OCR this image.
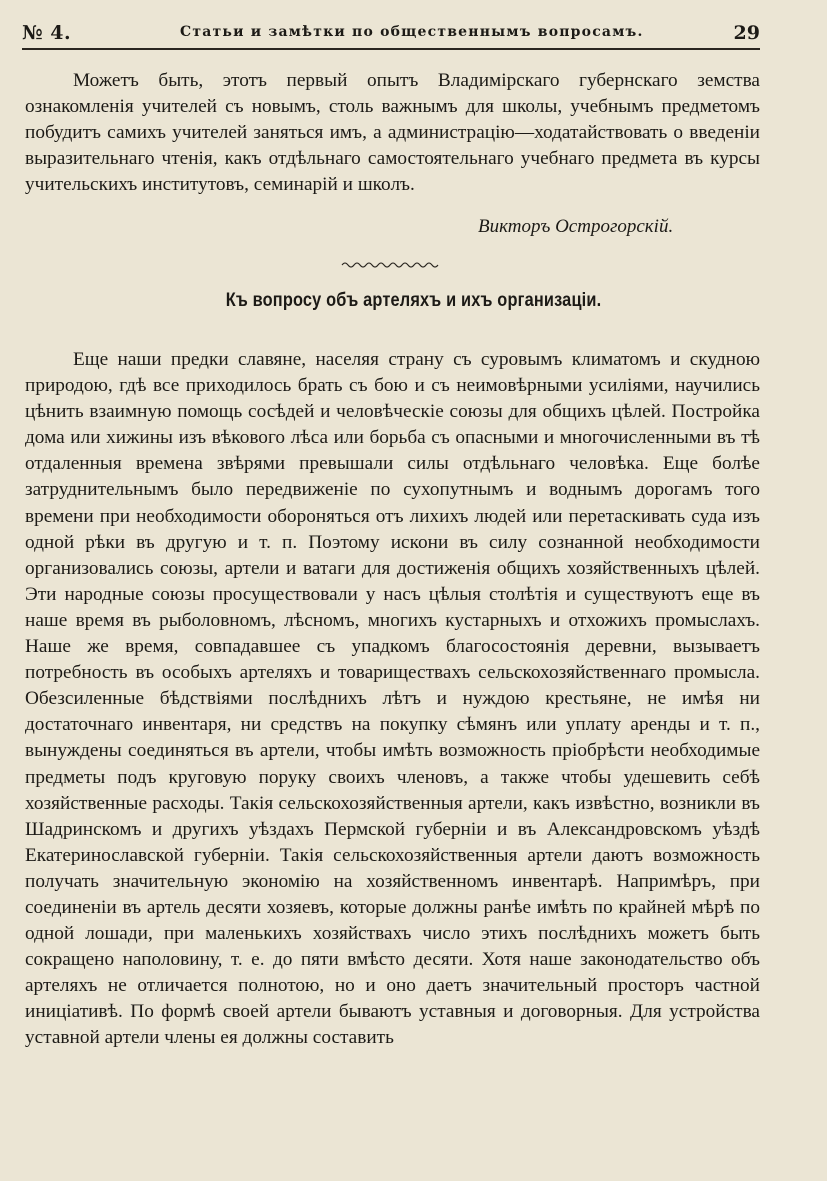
№ 4.	Статьи и замѣтки по общественнымъ вопросамъ.	29

Можетъ быть, этотъ первый опытъ Владимірскаго губернскаго земства ознакомленія учителей съ новымъ, столь важнымъ для школы, учебнымъ предметомъ побудитъ самихъ учителей заняться имъ, а администрацію—ходатайствовать о введеніи выразительнаго чтенія, какъ отдѣльнаго самостоятельнаго учебнаго предмета въ курсы учительскихъ институтовъ, семинарій и школъ.

Викторъ Острогорскій.
Къ вопросу объ артеляхъ и ихъ организаціи.

Еще наши предки славяне, населяя страну съ суровымъ климатомъ и скудною природою, гдѣ все приходилось брать съ бою и съ неимовѣрными усиліями, научились цѣнить взаимную помощь сосѣдей и человѣческіе союзы для общихъ цѣлей. Постройка дома или хижины изъ вѣкового лѣса или борьба съ опасными и многочисленными въ тѣ отдаленныя времена звѣрями превышали силы отдѣльнаго человѣка. Еще болѣе затруднительнымъ было передвиженіе по сухопутнымъ и воднымъ дорогамъ того времени при необходимости обороняться отъ лихихъ людей или перетаскивать суда изъ одной рѣки въ другую и т. п. Поэтому искони въ силу сознанной необходимости организовались союзы, артели и ватаги для достиженія общихъ хозяйственныхъ цѣлей. Эти народные союзы просуществовали у насъ цѣлыя столѣтія и существуютъ еще въ наше время въ рыболовномъ, лѣсномъ, многихъ кустарныхъ и отхожихъ промыслахъ. Наше же время, совпадавшее съ упадкомъ благосостоянія деревни, вызываетъ потребность въ особыхъ артеляхъ и товариществахъ сельскохозяйственнаго промысла. Обезсиленные бѣдствіями послѣднихъ лѣтъ и нуждою крестьяне, не имѣя ни достаточнаго инвентаря, ни средствъ на покупку сѣмянъ или уплату аренды и т. п., вынуждены соединяться въ артели, чтобы имѣть возможность пріобрѣсти необходимые предметы подъ круговую поруку своихъ членовъ, а также чтобы удешевить себѣ хозяйственные расходы. Такія сельскохозяйственныя артели, какъ извѣстно, возникли въ Шадринскомъ и другихъ уѣздахъ Пермской губерніи и въ Александровскомъ уѣздѣ Екатеринославской губерніи. Такія сельскохозяйственныя артели даютъ возможность получать значительную экономію на хозяйственномъ инвентарѣ. Напримѣръ, при соединеніи въ артель десяти хозяевъ, которые должны ранѣе имѣть по крайней мѣрѣ по одной лошади, при маленькихъ хозяйствахъ число этихъ послѣднихъ можетъ быть сокращено наполовину, т. е. до пяти вмѣсто десяти. Хотя наше законодательство объ артеляхъ не отличается полнотою, но и оно даетъ значительный просторъ частной иниціативѣ. По формѣ своей артели бываютъ уставныя и договорныя. Для устройства уставной артели члены ея должны составить
